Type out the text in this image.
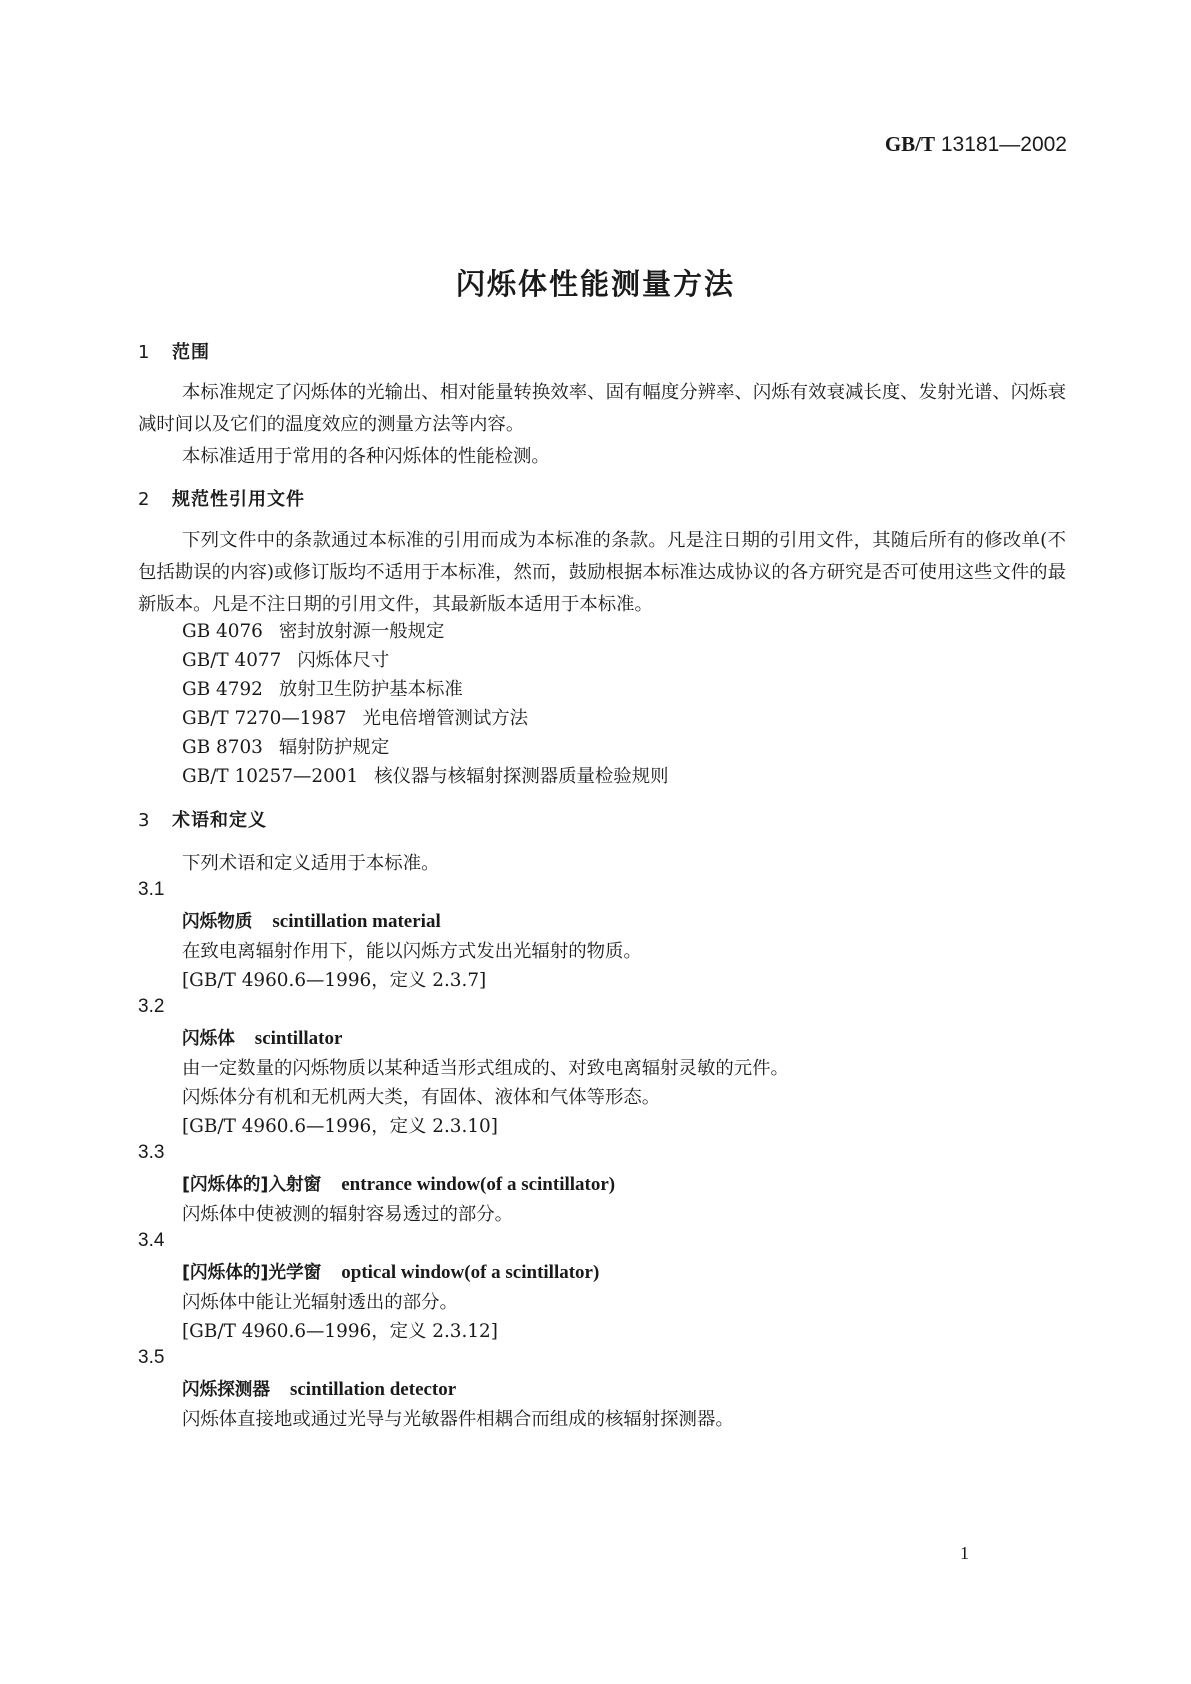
GB/T 13181—2002
闪烁体性能测量方法
1 范围
本标准规定了闪烁体的光输出、相对能量转换效率、固有幅度分辨率、闪烁有效衰减长度、发射光谱、闪烁衰减时间以及它们的温度效应的测量方法等内容。
本标准适用于常用的各种闪烁体的性能检测。
2 规范性引用文件
下列文件中的条款通过本标准的引用而成为本标准的条款。凡是注日期的引用文件，其随后所有的修改单(不包括勘误的内容)或修订版均不适用于本标准，然而，鼓励根据本标准达成协议的各方研究是否可使用这些文件的最新版本。凡是不注日期的引用文件，其最新版本适用于本标准。
GB 4076 密封放射源一般规定
GB/T 4077 闪烁体尺寸
GB 4792 放射卫生防护基本标准
GB/T 7270—1987 光电倍增管测试方法
GB 8703 辐射防护规定
GB/T 10257—2001 核仪器与核辐射探测器质量检验规则
3 术语和定义
下列术语和定义适用于本标准。
3.1
闪烁物质 scintillation material
在致电离辐射作用下，能以闪烁方式发出光辐射的物质。
[GB/T 4960.6—1996，定义 2.3.7]
3.2
闪烁体 scintillator
由一定数量的闪烁物质以某种适当形式组成的、对致电离辐射灵敏的元件。
闪烁体分有机和无机两大类，有固体、液体和气体等形态。
[GB/T 4960.6—1996，定义 2.3.10]
3.3
[闪烁体的]入射窗 entrance window(of a scintillator)
闪烁体中使被测的辐射容易透过的部分。
3.4
[闪烁体的]光学窗 optical window(of a scintillator)
闪烁体中能让光辐射透出的部分。
[GB/T 4960.6—1996，定义 2.3.12]
3.5
闪烁探测器 scintillation detector
闪烁体直接地或通过光导与光敏器件相耦合而组成的核辐射探测器。
1
